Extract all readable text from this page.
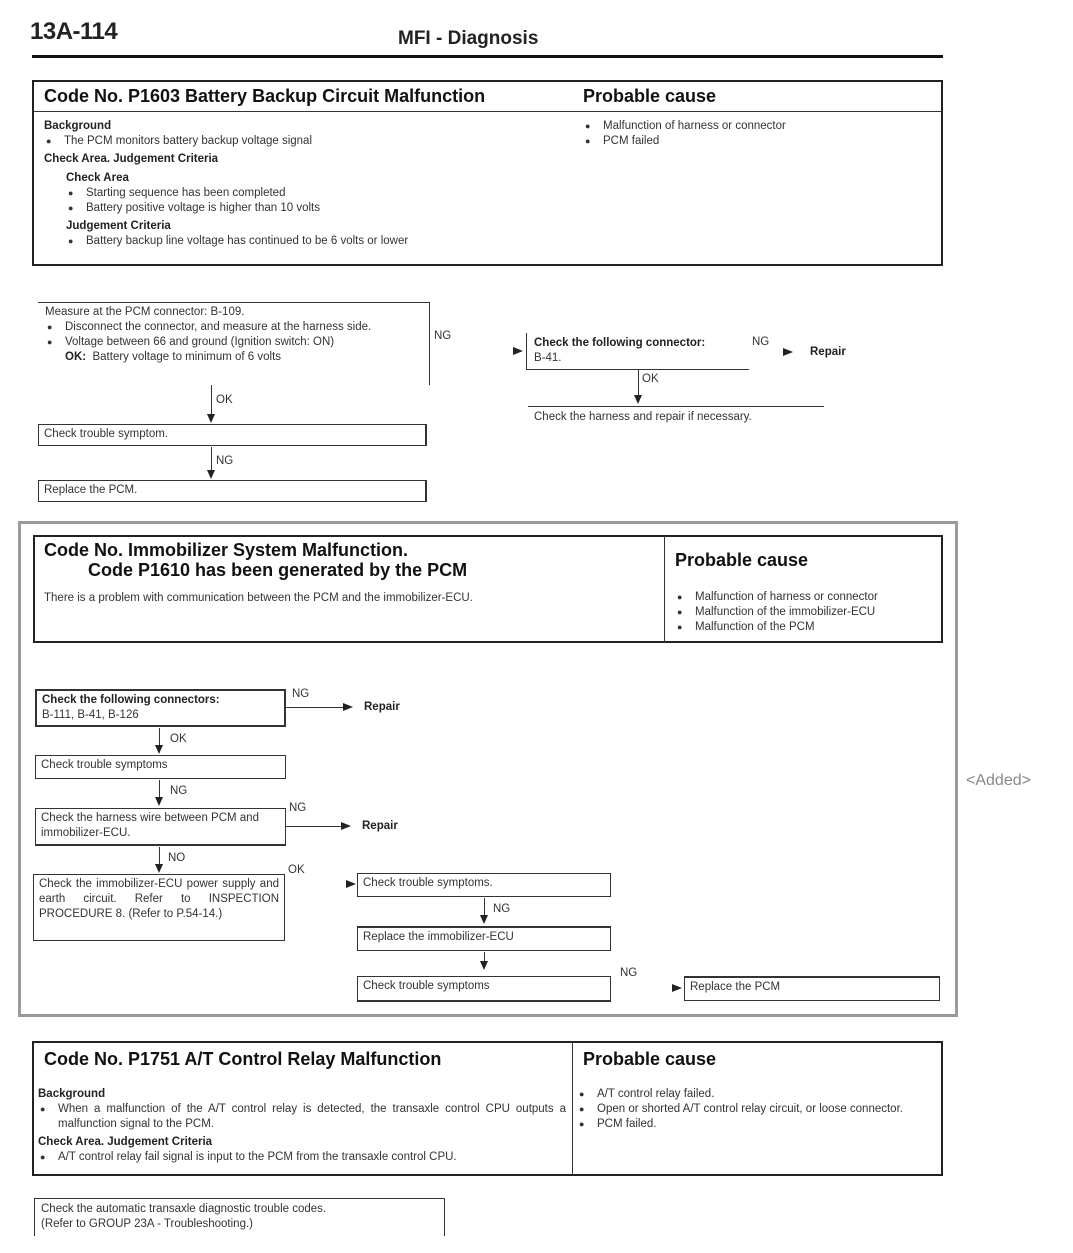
13A-114	MFI - Diagnosis
Code No. P1603 Battery Backup Circuit Malfunction	Probable cause
Background
● The PCM monitors battery backup voltage signal
Check Area. Judgement Criteria
Check Area
● Starting sequence has been completed
● Battery positive voltage is higher than 10 volts
Judgement Criteria
● Battery backup line voltage has continued to be 6 volts or lower
● Malfunction of harness or connector
● PCM failed
Measure at the PCM connector: B-109.
● Disconnect the connector, and measure at the harness side.
● Voltage between 66 and ground (Ignition switch: ON)
OK: Battery voltage to minimum of 6 volts
NG
OK
Check trouble symptom.
NG
Replace the PCM.
Check the following connector:
B-41.
NG
Repair
OK
Check the harness and repair if necessary.
<Added>
Code No. Immobilizer System Malfunction.
Code P1610 has been generated by the PCM
There is a problem with communication between the PCM and the immobilizer-ECU.
Probable cause
● Malfunction of harness or connector
● Malfunction of the immobilizer-ECU
● Malfunction of the PCM
Check the following connectors:
B-111, B-41, B-126
NG
Repair
OK
Check trouble symptoms
NG
Check the harness wire between PCM and immobilizer-ECU.
NG
Repair
NO
Check the immobilizer-ECU power supply and earth circuit. Refer to INSPECTION PROCEDURE 8. (Refer to P.54-14.)
OK
Check trouble symptoms.
NG
Replace the immobilizer-ECU
Check trouble symptoms
NG
Replace the PCM
Code No. P1751 A/T Control Relay Malfunction	Probable cause
Background
● When a malfunction of the A/T control relay is detected, the transaxle control CPU outputs a malfunction signal to the PCM.
Check Area. Judgement Criteria
● A/T control relay fail signal is input to the PCM from the transaxle control CPU.
● A/T control relay failed.
● Open or shorted A/T control relay circuit, or loose connector.
● PCM failed.
Check the automatic transaxle diagnostic trouble codes.
(Refer to GROUP 23A - Troubleshooting.)
